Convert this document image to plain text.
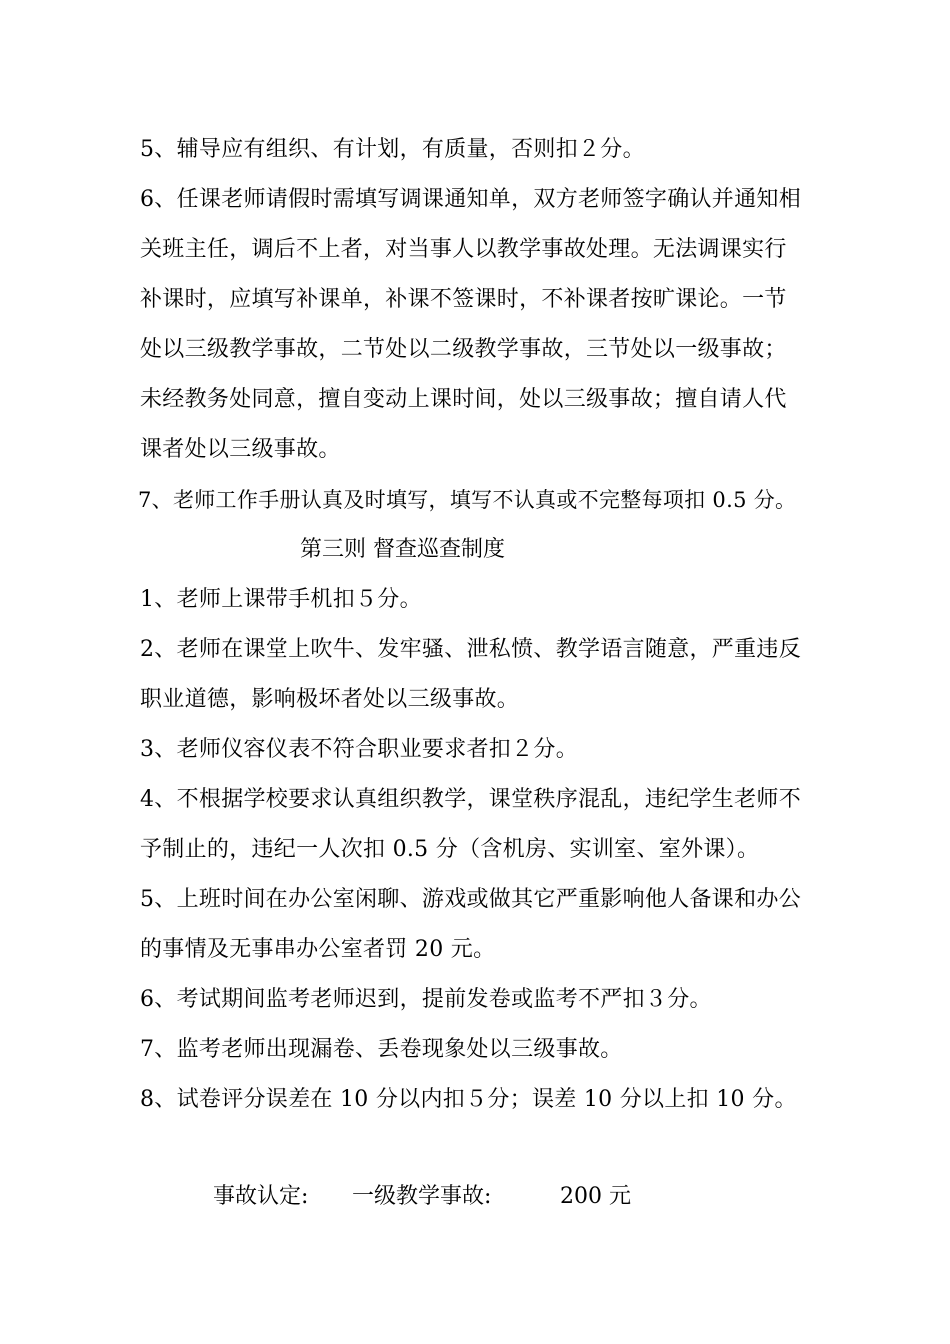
5、辅导应有组织、有计划，有质量，否则扣２分。
6、任课老师请假时需填写调课通知单，双方老师签字确认并通知相
关班主任，调后不上者，对当事人以教学事故处理。无法调课实行
补课时，应填写补课单，补课不签课时，不补课者按旷课论。一节
处以三级教学事故，二节处以二级教学事故，三节处以一级事故；
未经教务处同意，擅自变动上课时间，处以三级事故；擅自请人代
课者处以三级事故。
7、老师工作手册认真及时填写，填写不认真或不完整每项扣 0.5 分。
第三则 督查巡查制度
1、老师上课带手机扣５分。
2、老师在课堂上吹牛、发牢骚、泄私愤、教学语言随意，严重违反
职业道德，影响极坏者处以三级事故。
3、老师仪容仪表不符合职业要求者扣２分。
4、不根据学校要求认真组织教学，课堂秩序混乱，违纪学生老师不
予制止的，违纪一人次扣 0.5 分（含机房、实训室、室外课）。
5、上班时间在办公室闲聊、游戏或做其它严重影响他人备课和办公
的事情及无事串办公室者罚 20 元。
6、考试期间监考老师迟到，提前发卷或监考不严扣３分。
7、监考老师出现漏卷、丢卷现象处以三级事故。
8、试卷评分误差在 10 分以内扣５分；误差 10 分以上扣 10 分。
事故认定: 一级教学事故:	200 元
